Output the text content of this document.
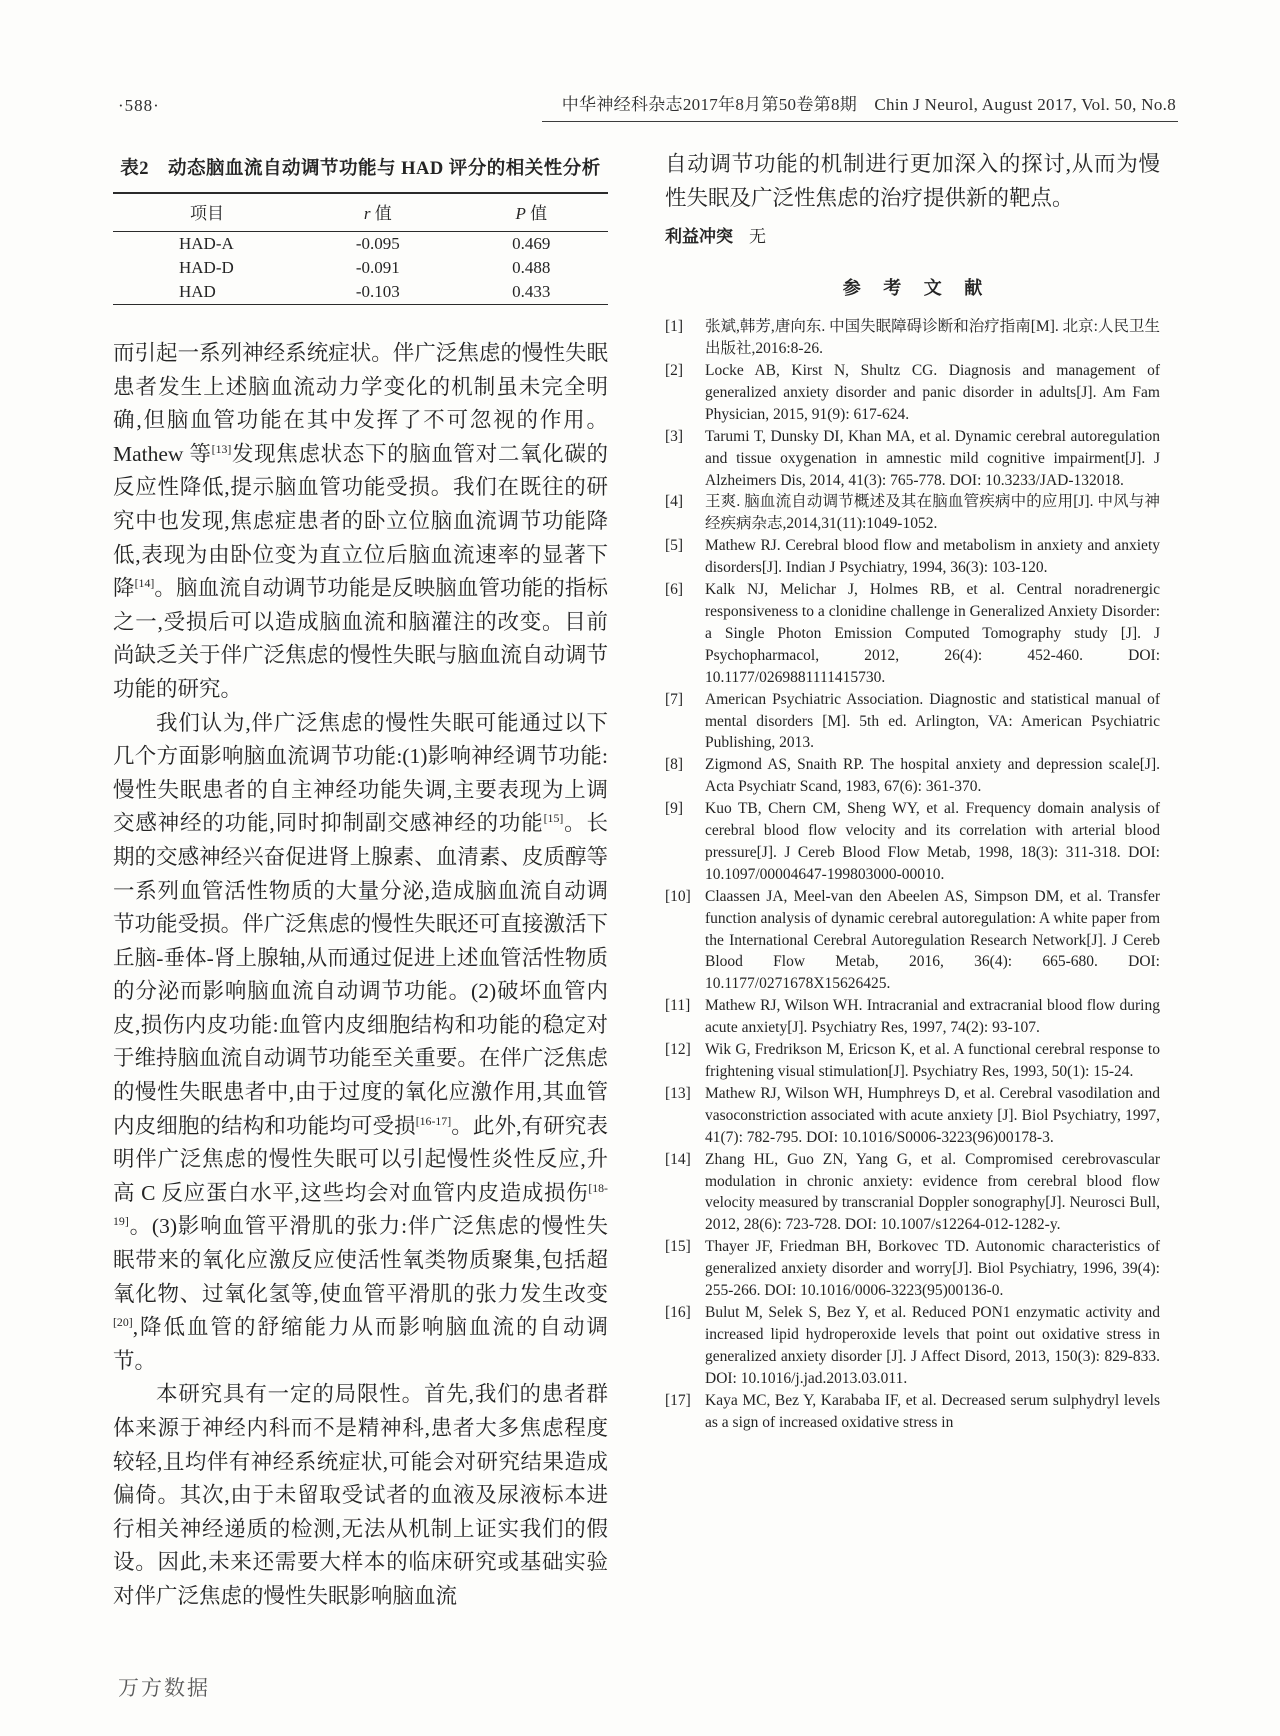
·588·	中华神经科杂志2017年8月第50卷第8期　Chin J Neurol, August 2017, Vol. 50, No.8
表2　动态脑血流自动调节功能与 HAD 评分的相关性分析
项目	r 值	P 值
HAD-A	-0.095	0.469
HAD-D	-0.091	0.488
HAD	-0.103	0.433

而引起一系列神经系统症状。伴广泛焦虑的慢性失眠患者发生上述脑血流动力学变化的机制虽未完全明确,但脑血管功能在其中发挥了不可忽视的作用。Mathew 等[13]发现焦虑状态下的脑血管对二氧化碳的反应性降低,提示脑血管功能受损。我们在既往的研究中也发现,焦虑症患者的卧立位脑血流调节功能降低,表现为由卧位变为直立位后脑血流速率的显著下降[14]。脑血流自动调节功能是反映脑血管功能的指标之一,受损后可以造成脑血流和脑灌注的改变。目前尚缺乏关于伴广泛焦虑的慢性失眠与脑血流自动调节功能的研究。

我们认为,伴广泛焦虑的慢性失眠可能通过以下几个方面影响脑血流调节功能:(1)影响神经调节功能:慢性失眠患者的自主神经功能失调,主要表现为上调交感神经的功能,同时抑制副交感神经的功能[15]。长期的交感神经兴奋促进肾上腺素、血清素、皮质醇等一系列血管活性物质的大量分泌,造成脑血流自动调节功能受损。伴广泛焦虑的慢性失眠还可直接激活下丘脑-垂体-肾上腺轴,从而通过促进上述血管活性物质的分泌而影响脑血流自动调节功能。(2)破坏血管内皮,损伤内皮功能:血管内皮细胞结构和功能的稳定对于维持脑血流自动调节功能至关重要。在伴广泛焦虑的慢性失眠患者中,由于过度的氧化应激作用,其血管内皮细胞的结构和功能均可受损[16-17]。此外,有研究表明伴广泛焦虑的慢性失眠可以引起慢性炎性反应,升高 C 反应蛋白水平,这些均会对血管内皮造成损伤[18-19]。(3)影响血管平滑肌的张力:伴广泛焦虑的慢性失眠带来的氧化应激反应使活性氧类物质聚集,包括超氧化物、过氧化氢等,使血管平滑肌的张力发生改变[20],降低血管的舒缩能力从而影响脑血流的自动调节。

本研究具有一定的局限性。首先,我们的患者群体来源于神经内科而不是精神科,患者大多焦虑程度较轻,且均伴有神经系统症状,可能会对研究结果造成偏倚。其次,由于未留取受试者的血液及尿液标本进行相关神经递质的检测,无法从机制上证实我们的假设。因此,未来还需要大样本的临床研究或基础实验对伴广泛焦虑的慢性失眠影响脑血流

自动调节功能的机制进行更加深入的探讨,从而为慢性失眠及广泛性焦虑的治疗提供新的靶点。

利益冲突 无

参 考 文 献
[1]	张斌,韩芳,唐向东. 中国失眠障碍诊断和治疗指南[M]. 北京:人民卫生出版社,2016:8-26.
[2]	Locke AB, Kirst N, Shultz CG. Diagnosis and management of generalized anxiety disorder and panic disorder in adults[J]. Am Fam Physician, 2015, 91(9): 617-624.
[3]	Tarumi T, Dunsky DI, Khan MA, et al. Dynamic cerebral autoregulation and tissue oxygenation in amnestic mild cognitive impairment[J]. J Alzheimers Dis, 2014, 41(3): 765-778. DOI: 10.3233/JAD-132018.
[4]	王爽. 脑血流自动调节概述及其在脑血管疾病中的应用[J]. 中风与神经疾病杂志,2014,31(11):1049-1052.
[5]	Mathew RJ. Cerebral blood flow and metabolism in anxiety and anxiety disorders[J]. Indian J Psychiatry, 1994, 36(3): 103-120.
[6]	Kalk NJ, Melichar J, Holmes RB, et al. Central noradrenergic responsiveness to a clonidine challenge in Generalized Anxiety Disorder: a Single Photon Emission Computed Tomography study [J]. J Psychopharmacol, 2012, 26(4): 452-460. DOI: 10.1177/0269881111415730.
[7]	American Psychiatric Association. Diagnostic and statistical manual of mental disorders [M]. 5th ed. Arlington, VA: American Psychiatric Publishing, 2013.
[8]	Zigmond AS, Snaith RP. The hospital anxiety and depression scale[J]. Acta Psychiatr Scand, 1983, 67(6): 361-370.
[9]	Kuo TB, Chern CM, Sheng WY, et al. Frequency domain analysis of cerebral blood flow velocity and its correlation with arterial blood pressure[J]. J Cereb Blood Flow Metab, 1998, 18(3): 311-318. DOI: 10.1097/00004647-199803000-00010.
[10] Claassen JA, Meel-van den Abeelen AS, Simpson DM, et al. Transfer function analysis of dynamic cerebral autoregulation: A white paper from the International Cerebral Autoregulation Research Network[J]. J Cereb Blood Flow Metab, 2016, 36(4): 665-680. DOI: 10.1177/0271678X15626425.
[11] Mathew RJ, Wilson WH. Intracranial and extracranial blood flow during acute anxiety[J]. Psychiatry Res, 1997, 74(2): 93-107.
[12] Wik G, Fredrikson M, Ericson K, et al. A functional cerebral response to frightening visual stimulation[J]. Psychiatry Res, 1993, 50(1): 15-24.
[13] Mathew RJ, Wilson WH, Humphreys D, et al. Cerebral vasodilation and vasoconstriction associated with acute anxiety [J]. Biol Psychiatry, 1997, 41(7): 782-795. DOI: 10.1016/S0006-3223(96)00178-3.
[14] Zhang HL, Guo ZN, Yang G, et al. Compromised cerebrovascular modulation in chronic anxiety: evidence from cerebral blood flow velocity measured by transcranial Doppler sonography[J]. Neurosci Bull, 2012, 28(6): 723-728. DOI: 10.1007/s12264-012-1282-y.
[15] Thayer JF, Friedman BH, Borkovec TD. Autonomic characteristics of generalized anxiety disorder and worry[J]. Biol Psychiatry, 1996, 39(4): 255-266. DOI: 10.1016/0006-3223(95)00136-0.
[16] Bulut M, Selek S, Bez Y, et al. Reduced PON1 enzymatic activity and increased lipid hydroperoxide levels that point out oxidative stress in generalized anxiety disorder [J]. J Affect Disord, 2013, 150(3): 829-833. DOI: 10.1016/j.jad.2013.03.011.
[17] Kaya MC, Bez Y, Karababa IF, et al. Decreased serum sulphydryl levels as a sign of increased oxidative stress in
万方数据
